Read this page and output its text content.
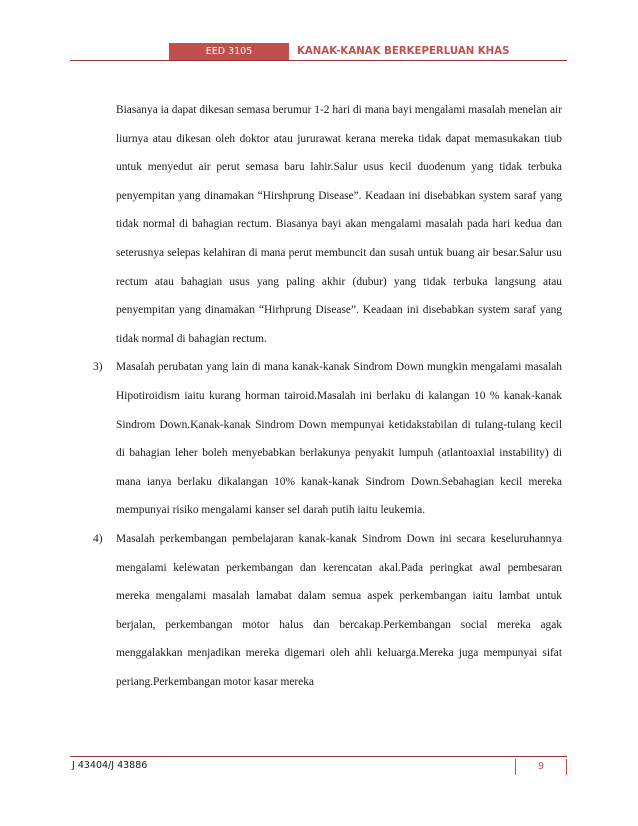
EED 3105	KANAK-KANAK BERKEPERLUAN KHAS

Biasanya ia dapat dikesan semasa berumur 1-2 hari di mana bayi mengalami masalah menelan air liurnya atau dikesan oleh doktor atau jururawat kerana mereka tidak dapat memasukakan tiub untuk menyedut air perut semasa baru lahir.Salur usus kecil duodenum yang tidak terbuka penyempitan yang dinamakan “Hirshprung Disease”. Keadaan ini disebabkan system saraf yang tidak normal di bahagian rectum. Biasanya bayi akan mengalami masalah pada hari kedua dan seterusnya selepas kelahiran di mana perut membuncit dan susah untuk buang air besar.Salur usu rectum atau bahagian usus yang paling akhir (dubur) yang tidak terbuka langsung atau penyempitan yang dinamakan “Hirhprung Disease”. Keadaan ini disebabkan system saraf yang tidak normal di bahagian rectum.

3) Masalah perubatan yang lain di mana kanak-kanak Sindrom Down mungkin mengalami masalah Hipotiroidism iaitu kurang horman tairoid.Masalah ini berlaku di kalangan 10 % kanak-kanak Sindrom Down.Kanak-kanak Sindrom Down mempunyai ketidakstabilan di tulang-tulang kecil di bahagian leher boleh menyebabkan berlakunya penyakit lumpuh (atlantoaxial instability) di mana ianya berlaku dikalangan 10% kanak-kanak Sindrom Down.Sebahagian kecil mereka mempunyai risiko mengalami kanser sel darah putih iaitu leukemia.
4) Masalah perkembangan pembelajaran kanak-kanak Sindrom Down ini secara keseluruhannya mengalami kelewatan perkembangan dan kerencatan akal.Pada peringkat awal pembesaran mereka mengalami masalah lamabat dalam semua aspek perkembangan iaitu lambat untuk berjalan, perkembangan motor halus dan bercakap.Perkembangan social mereka agak menggalakkan menjadikan mereka digemari oleh ahli keluarga.Mereka juga mempunyai sifat periang.Perkembangan motor kasar mereka
J 43404/J 43886	9
